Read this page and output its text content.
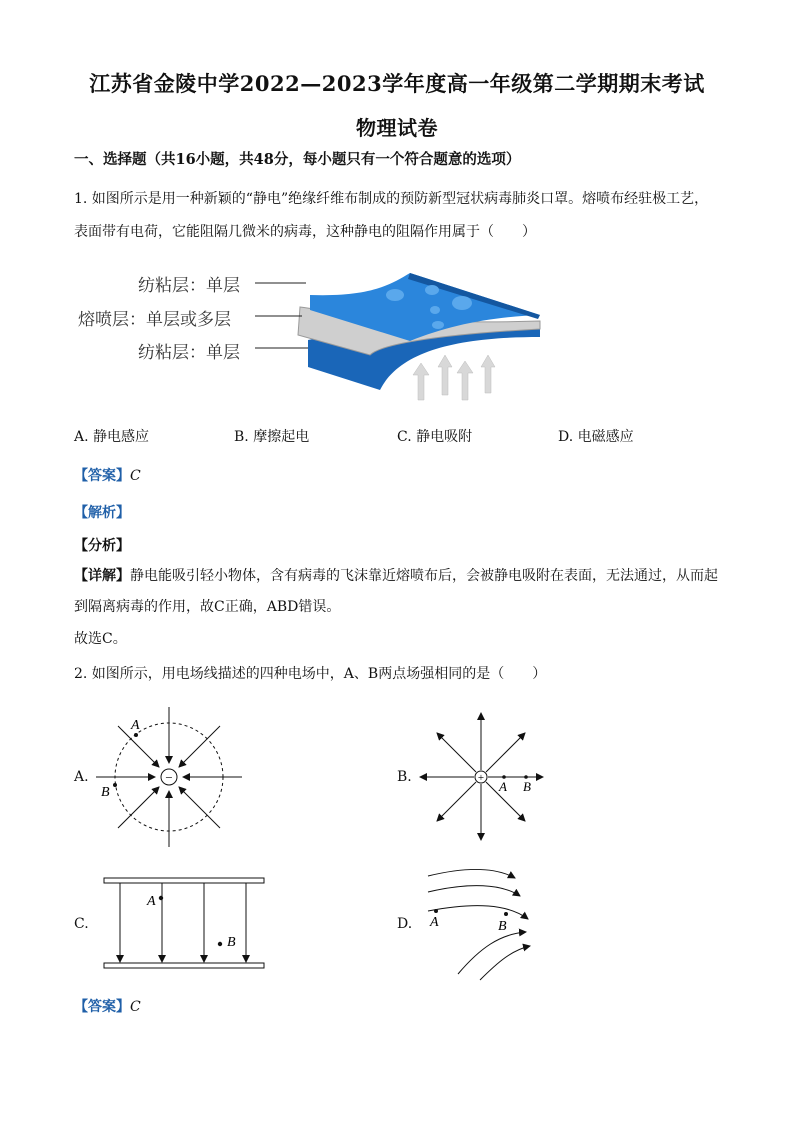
江苏省金陵中学2022—2023学年度高一年级第二学期期末考试
物理试卷
一、选择题（共16小题，共48分，每小题只有一个符合题意的选项）
1. 如图所示是用一种新颖的“静电”绝缘纤维布制成的预防新型冠状病毒肺炎口罩。熔喷布经驻极工艺，
表面带有电荷，它能阻隔几微米的病毒，这种静电的阻隔作用属于（　　）
纺粘层：单层
熔喷层：单层或多层
纺粘层：单层
A. 静电感应	B. 摩擦起电	C. 静电吸附	D. 电磁感应
【答案】C
【解析】
【分析】
【详解】静电能吸引轻小物体，含有病毒的飞沫靠近熔喷布后，会被静电吸附在表面，无法通过，从而起
到隔离病毒的作用，故C正确，ABD错误。
故选C。
2. 如图所示，用电场线描述的四种电场中，A、B两点场强相同的是（　　）
A.	−
A
B
B.	+
A B
C.
A
B
D. A	B
【答案】C
